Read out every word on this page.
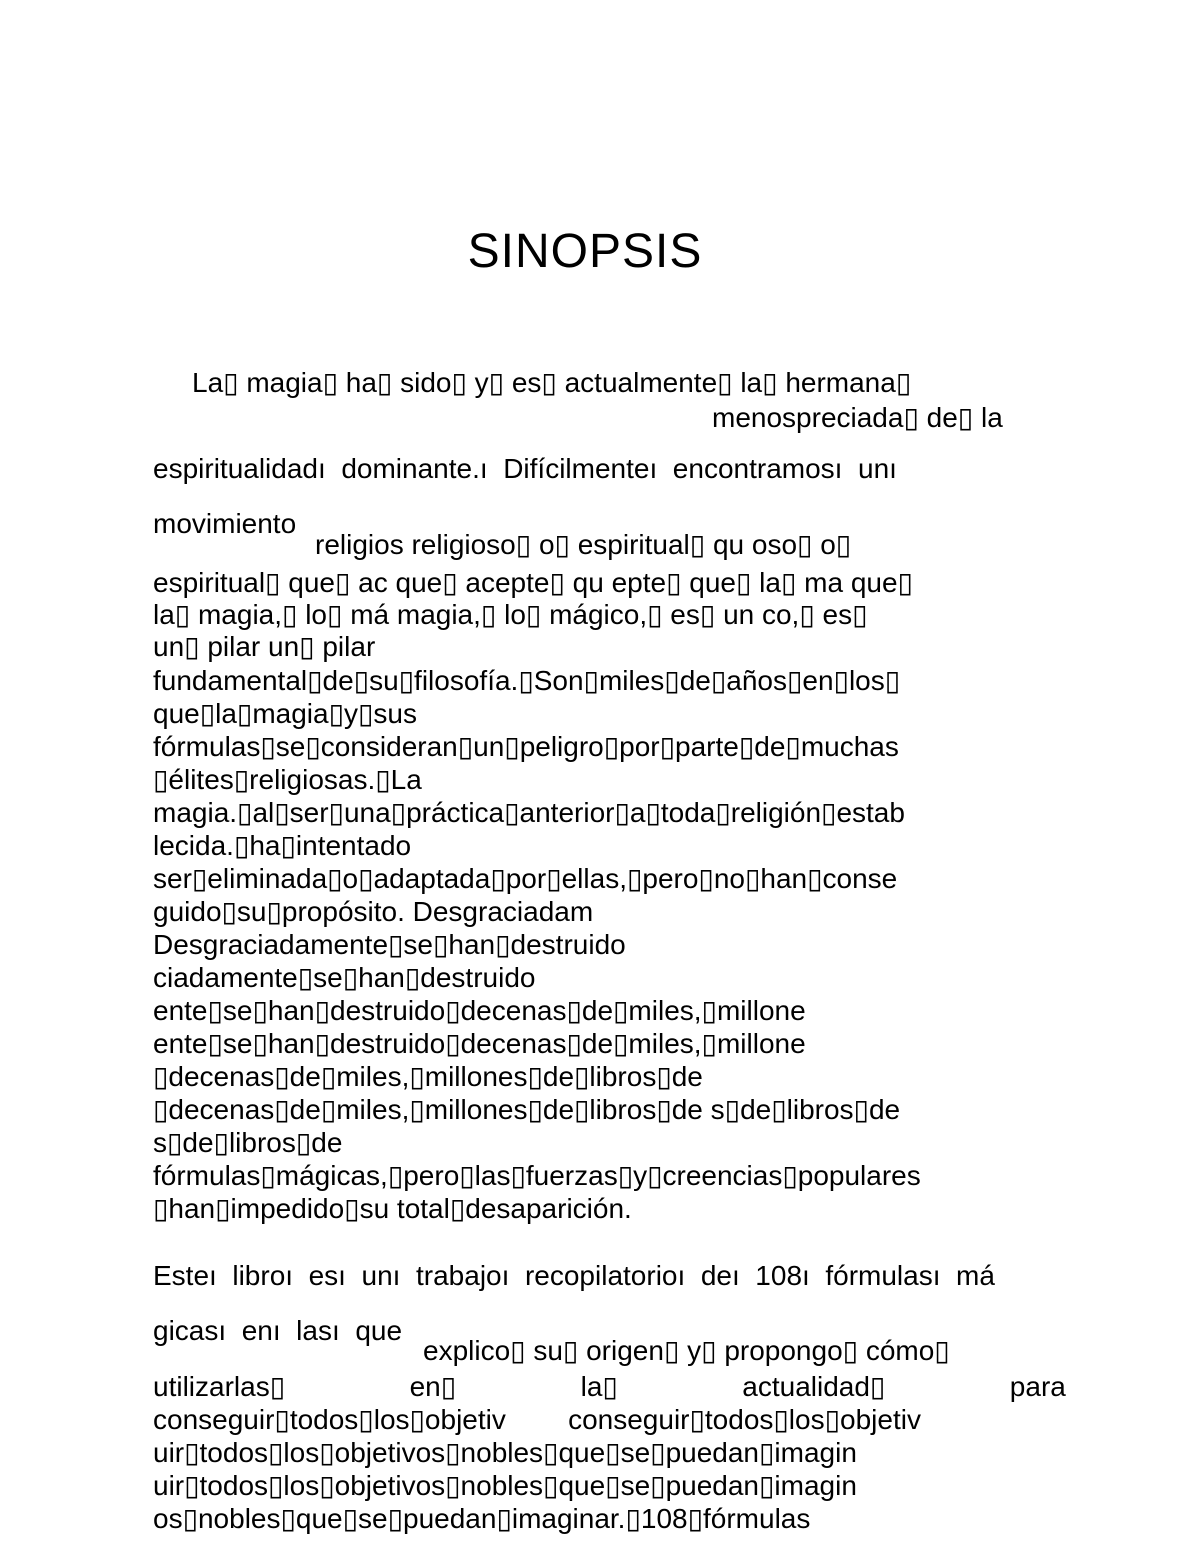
SINOPSIS
La▯ magia▯ ha▯ sido▯ y▯ es▯ actualmente▯ la▯ hermana▯
menospreciada▯ de▯ la
espiritualidadı  dominante.ı  Difícilmenteı  encontramosı  unı
movimiento
religios religioso▯ o▯ espiritual▯ qu oso▯ o▯
espiritual▯ que▯ ac que▯ acepte▯ qu epte▯ que▯ la▯ ma que▯
la▯ magia,▯ lo▯ má magia,▯ lo▯ mágico,▯ es▯ un co,▯ es▯
un▯ pilar un▯ pilar
fundamental▯de▯su▯filosofía.▯Son▯miles▯de▯años▯en▯los▯
que▯la▯magia▯y▯sus
fórmulas▯se▯consideran▯un▯peligro▯por▯parte▯de▯muchas
▯élites▯religiosas.▯La
magia.▯al▯ser▯una▯práctica▯anterior▯a▯toda▯religión▯estab
lecida.▯ha▯intentado
ser▯eliminada▯o▯adaptada▯por▯ellas,▯pero▯no▯han▯conse
guido▯su▯propósito. Desgraciadam
Desgraciadamente▯se▯han▯destruido
ciadamente▯se▯han▯destruido
ente▯se▯han▯destruido▯decenas▯de▯miles,▯millone
ente▯se▯han▯destruido▯decenas▯de▯miles,▯millone
▯decenas▯de▯miles,▯millones▯de▯libros▯de
▯decenas▯de▯miles,▯millones▯de▯libros▯de s▯de▯libros▯de
s▯de▯libros▯de
fórmulas▯mágicas,▯pero▯las▯fuerzas▯y▯creencias▯populares
▯han▯impedido▯su total▯desaparición.
Esteı  libroı  esı  unı  trabajoı  recopilatorioı  deı  108ı  fórmulası  má
gicası  enı  lası  que
explico▯ su▯ origen▯ y▯ propongo▯ cómo▯
utilizarlas▯                en▯                la▯                actualidad▯                para
conseguir▯todos▯los▯objetiv        conseguir▯todos▯los▯objetiv
uir▯todos▯los▯objetivos▯nobles▯que▯se▯puedan▯imagin
uir▯todos▯los▯objetivos▯nobles▯que▯se▯puedan▯imagin
os▯nobles▯que▯se▯puedan▯imaginar.▯108▯fórmulas
